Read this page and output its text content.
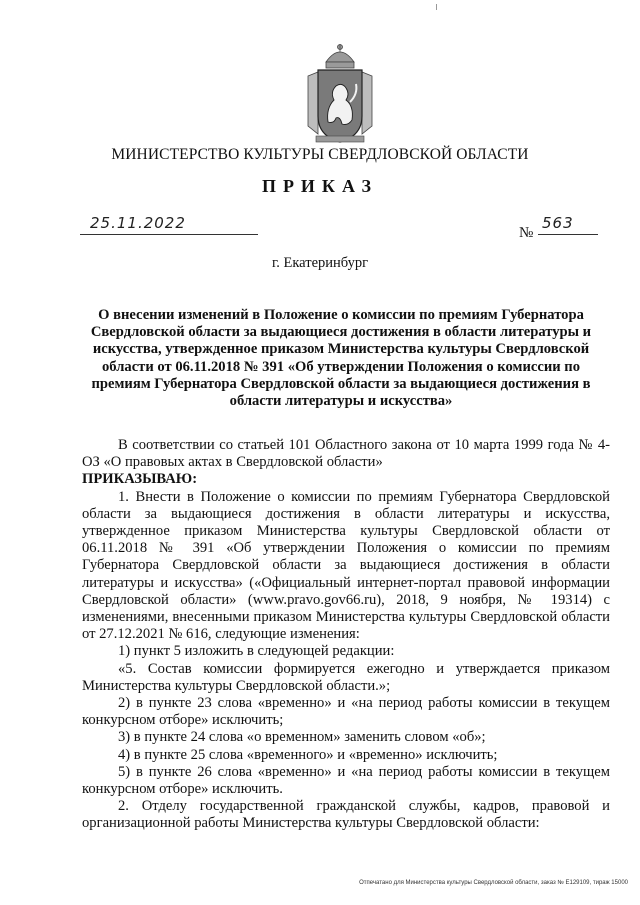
МИНИСТЕРСТВО КУЛЬТУРЫ СВЕРДЛОВСКОЙ ОБЛАСТИ
ПРИКАЗ
25.11.2022
№
563
г. Екатеринбург
О внесении изменений в Положение о комиссии по премиям Губернатора Свердловской области за выдающиеся достижения в области литературы и искусства, утвержденное приказом Министерства культуры Свердловской области от 06.11.2018 № 391 «Об утверждении Положения о комиссии по премиям Губернатора Свердловской области за выдающиеся достижения в области литературы и искусства»

В соответствии со статьей 101 Областного закона от 10 марта 1999 года № 4-ОЗ «О правовых актах в Свердловской области»

ПРИКАЗЫВАЮ:

1. Внести в Положение о комиссии по премиям Губернатора Свердловской области за выдающиеся достижения в области литературы и искусства, утвержденное приказом Министерства культуры Свердловской области от 06.11.2018 № 391 «Об утверждении Положения о комиссии по премиям Губернатора Свердловской области за выдающиеся достижения в области литературы и искусства» («Официальный интернет-портал правовой информации Свердловской области» (www.pravo.gov66.ru), 2018, 9 ноября, № 19314) с изменениями, внесенными приказом Министерства культуры Свердловской области от 27.12.2021 № 616, следующие изменения:

1) пункт 5 изложить в следующей редакции:

«5. Состав комиссии формируется ежегодно и утверждается приказом Министерства культуры Свердловской области.»;

2) в пункте 23 слова «временно» и «на период работы комиссии в текущем конкурсном отборе» исключить;

3) в пункте 24 слова «о временном» заменить словом «об»;

4) в пункте 25 слова «временного» и «временно» исключить;

5) в пункте 26 слова «временно» и «на период работы комиссии в текущем конкурсном отборе» исключить.

2. Отделу государственной гражданской службы, кадров, правовой и организационной работы Министерства культуры Свердловской области:

Отпечатано для Министерства культуры Свердловской области, заказ № Е129109, тираж 15000
